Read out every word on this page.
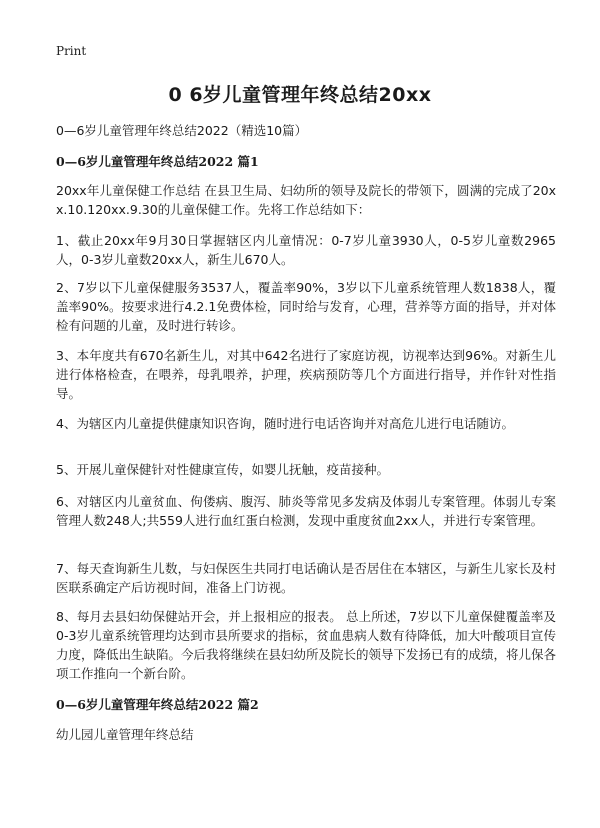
Print
0 6岁儿童管理年终总结20xx
0—6岁儿童管理年终总结2022（精选10篇）
0—6岁儿童管理年终总结2022 篇1
20xx年儿童保健工作总结 在县卫生局、妇幼所的领导及院长的带领下，圆满的完成了20xx.10.120xx.9.30的儿童保健工作。先将工作总结如下：
1、截止20xx年9月30日掌握辖区内儿童情况：0-7岁儿童3930人，0-5岁儿童数2965人，0-3岁儿童数20xx人，新生儿670人。
2、7岁以下儿童保健服务3537人，覆盖率90%，3岁以下儿童系统管理人数1838人，覆盖率90%。按要求进行4.2.1免费体检，同时给与发育，心理，营养等方面的指导，并对体检有问题的儿童，及时进行转诊。
3、本年度共有670名新生儿，对其中642名进行了家庭访视，访视率达到96%。对新生儿进行体格检查，在喂养，母乳喂养，护理，疾病预防等几个方面进行指导，并作针对性指导。
4、为辖区内儿童提供健康知识咨询，随时进行电话咨询并对高危儿进行电话随访。
5、开展儿童保健针对性健康宣传，如婴儿抚触，疫苗接种。
6、对辖区内儿童贫血、佝偻病、腹泻、肺炎等常见多发病及体弱儿专案管理。体弱儿专案管理人数248人;共559人进行血红蛋白检测，发现中重度贫血2xx人，并进行专案管理。
7、每天查询新生儿数，与妇保医生共同打电话确认是否居住在本辖区，与新生儿家长及村医联系确定产后访视时间，准备上门访视。
8、每月去县妇幼保健站开会，并上报相应的报表。 总上所述，7岁以下儿童保健覆盖率及0-3岁儿童系统管理均达到市县所要求的指标，贫血患病人数有待降低，加大叶酸项目宣传力度，降低出生缺陷。今后我将继续在县妇幼所及院长的领导下发扬已有的成绩，将儿保各项工作推向一个新台阶。
0—6岁儿童管理年终总结2022 篇2
幼儿园儿童管理年终总结
